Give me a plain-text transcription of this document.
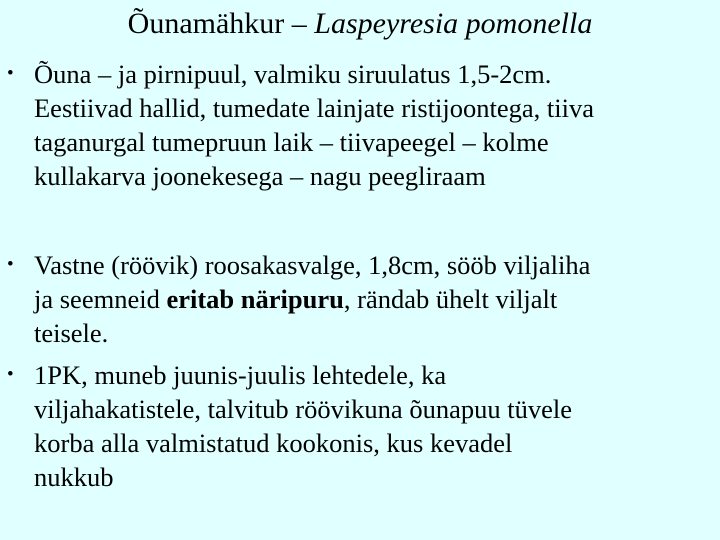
Õunamähkur – Laspeyresia pomonella
• Õuna – ja pirnipuul, valmiku siruulatus 1,5-2cm.
Eestiivad hallid, tumedate lainjate ristijoontega, tiiva
taganurgal tumepruun laik – tiivapeegel – kolme
kullakarva joonekesega – nagu peegliraam
• Vastne (röövik) roosakasvalge, 1,8cm, sööb viljaliha
ja seemneid eritab näripuru, rändab ühelt viljalt
teisele.
• 1PK, muneb juunis-juulis lehtedele, ka
viljahakatistele, talvitub röövikuna õunapuu tüvele
korba alla valmistatud kookonis, kus kevadel
nukkub
